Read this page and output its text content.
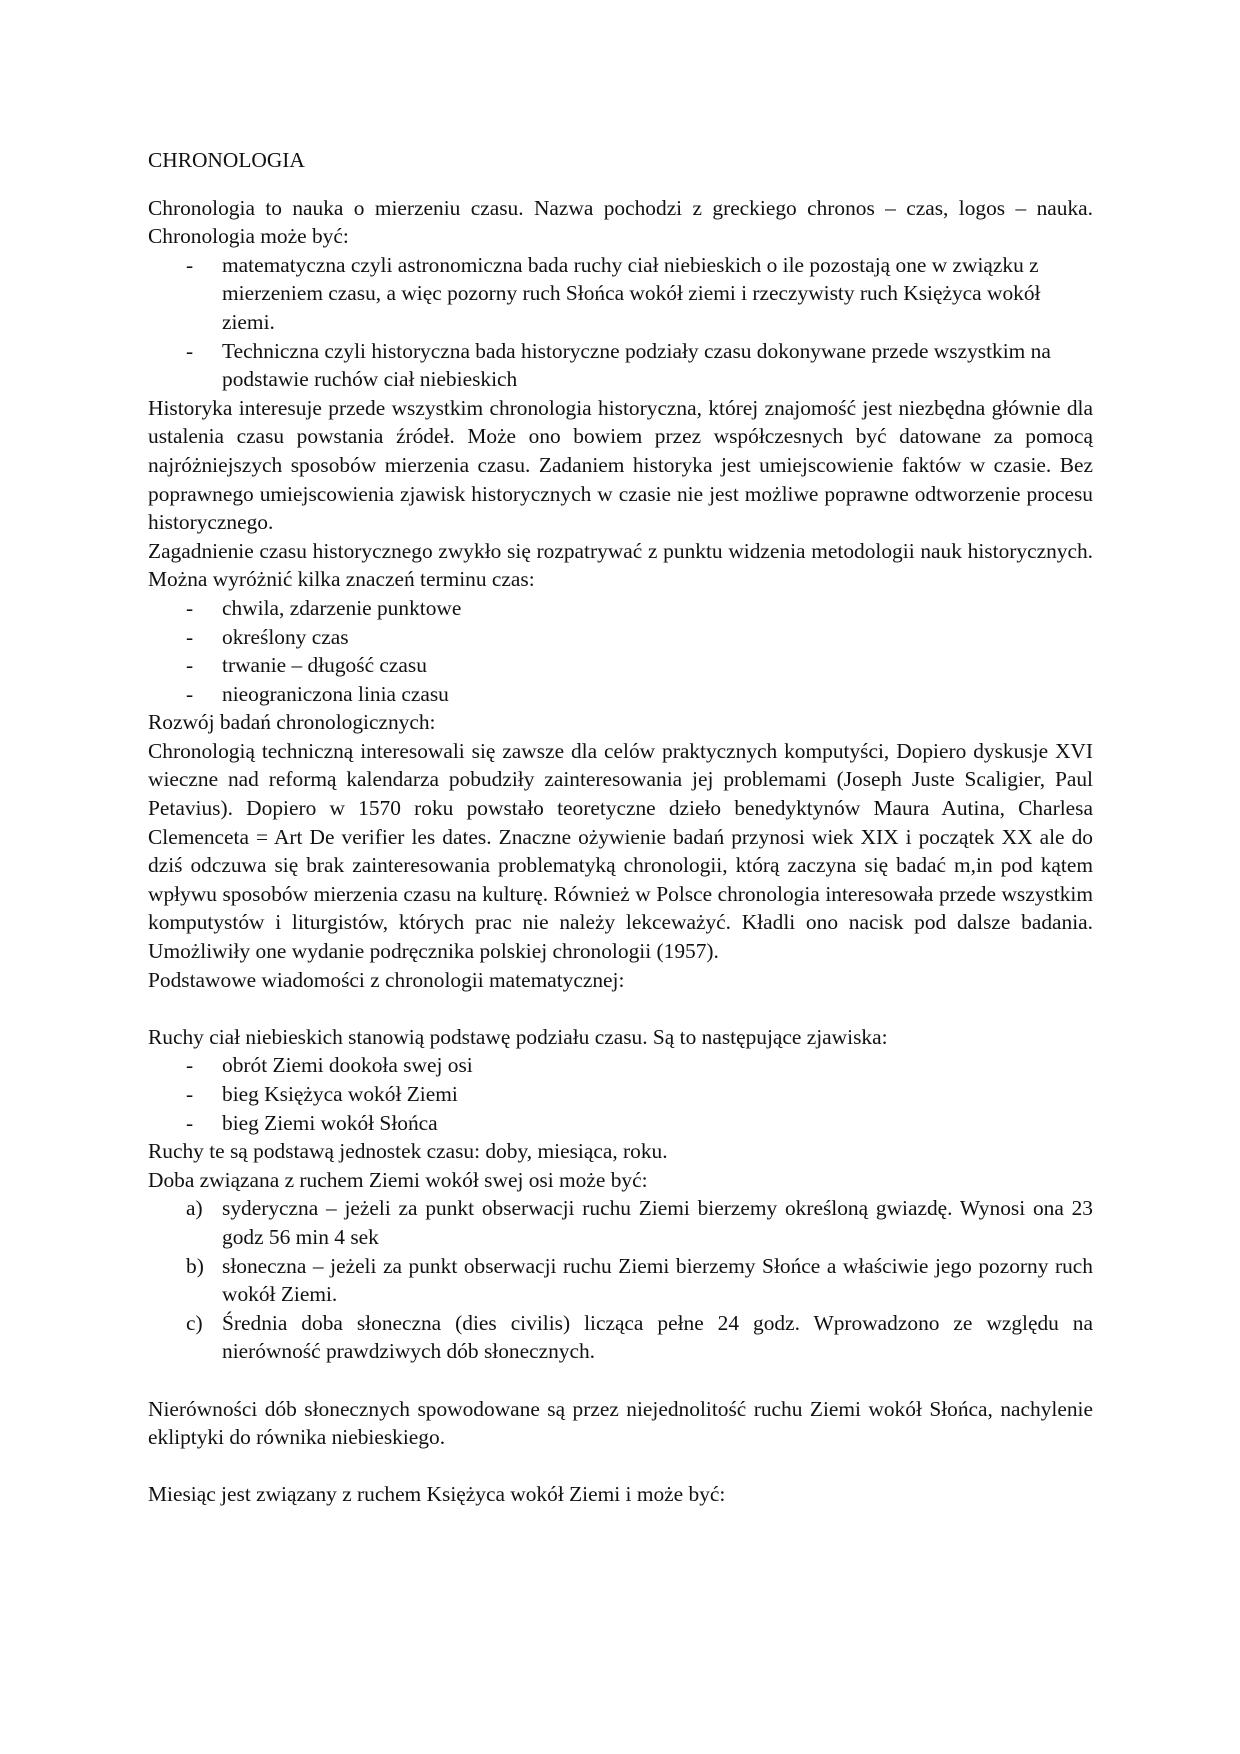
CHRONOLOGIA

Chronologia to nauka o mierzeniu czasu. Nazwa pochodzi z greckiego chronos – czas, logos – nauka. Chronologia może być:

- matematyczna czyli astronomiczna bada ruchy ciał niebieskich o ile pozostają one w związku z mierzeniem czasu, a więc pozorny ruch Słońca wokół ziemi i rzeczywisty ruch Księżyca wokół ziemi.
- Techniczna czyli historyczna bada historyczne podziały czasu dokonywane przede wszystkim na podstawie ruchów ciał niebieskich

Historyka interesuje przede wszystkim chronologia historyczna, której znajomość jest niezbędna głównie dla ustalenia czasu powstania źródeł. Może ono bowiem przez współczesnych być datowane za pomocą najróżniejszych sposobów mierzenia czasu. Zadaniem historyka jest umiejscowienie faktów w czasie. Bez poprawnego umiejscowienia zjawisk historycznych w czasie nie jest możliwe poprawne odtworzenie procesu historycznego.

Zagadnienie czasu historycznego zwykło się rozpatrywać z punktu widzenia metodologii nauk historycznych. Można wyróżnić kilka znaczeń terminu czas:

- chwila, zdarzenie punktowe
- określony czas
- trwanie – długość czasu
- nieograniczona linia czasu

Rozwój badań chronologicznych:

Chronologią techniczną interesowali się zawsze dla celów praktycznych komputyści, Dopiero dyskusje XVI wieczne nad reformą kalendarza pobudziły zainteresowania jej problemami (Joseph Juste Scaligier, Paul Petavius). Dopiero w 1570 roku powstało teoretyczne dzieło benedyktynów Maura Autina, Charlesa Clemenceta = Art De verifier les dates. Znaczne ożywienie badań przynosi wiek XIX i początek XX ale do dziś odczuwa się brak zainteresowania problematyką chronologii, którą zaczyna się badać m,in pod kątem wpływu sposobów mierzenia czasu na kulturę. Również w Polsce chronologia interesowała przede wszystkim komputystów i liturgistów, których prac nie należy lekceważyć. Kładli ono nacisk pod dalsze badania. Umożliwiły one wydanie podręcznika polskiej chronologii (1957).

Podstawowe wiadomości z chronologii matematycznej:

Ruchy ciał niebieskich stanowią podstawę podziału czasu. Są to następujące zjawiska:

- obrót Ziemi dookoła swej osi
- bieg Księżyca wokół Ziemi
- bieg Ziemi wokół Słońca

Ruchy te są podstawą jednostek czasu: doby, miesiąca, roku.

Doba związana z ruchem Ziemi wokół swej osi może być:

a) syderyczna – jeżeli za punkt obserwacji ruchu Ziemi bierzemy określoną gwiazdę. Wynosi ona 23 godz 56 min 4 sek
b) słoneczna – jeżeli za punkt obserwacji ruchu Ziemi bierzemy Słońce a właściwie jego pozorny ruch wokół Ziemi.
c) Średnia doba słoneczna (dies civilis) licząca pełne 24 godz. Wprowadzono ze względu na nierówność prawdziwych dób słonecznych.

Nierówności dób słonecznych spowodowane są przez niejednolitość ruchu Ziemi wokół Słońca, nachylenie ekliptyki do równika niebieskiego.

Miesiąc jest związany z ruchem Księżyca wokół Ziemi i może być:
